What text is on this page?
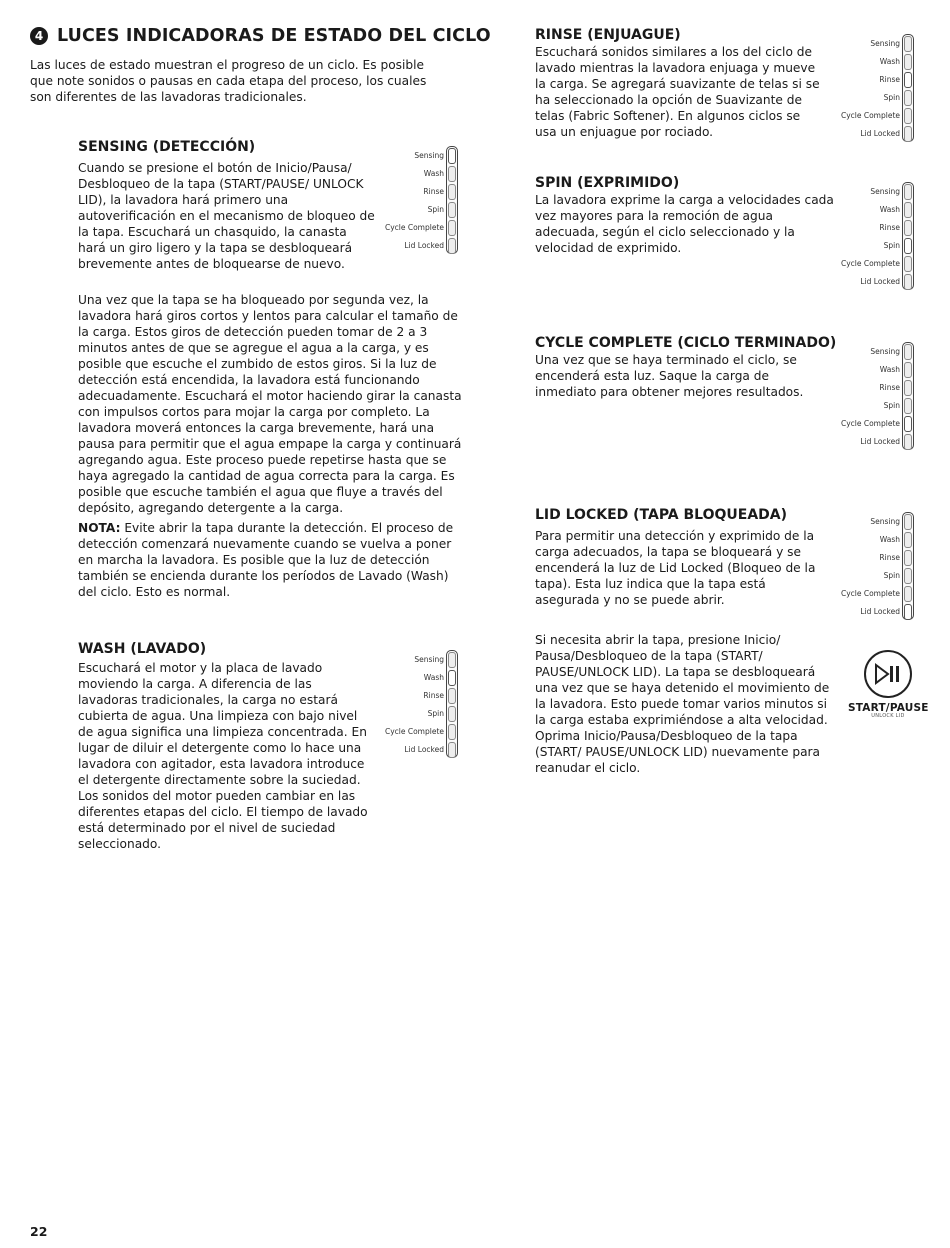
4 LUCES INDICADORAS DE ESTADO DEL CICLO

Las luces de estado muestran el progreso de un ciclo. Es posible que note sonidos o pausas en cada etapa del proceso, los cuales son diferentes de las lavadoras tradicionales.

SENSING (DETECCIÓN)

Cuando se presione el botón de Inicio/Pausa/ Desbloqueo de la tapa (START/PAUSE/ UNLOCK LID), la lavadora hará primero una autoverificación en el mecanismo de bloqueo de la tapa. Escuchará un chasquido, la canasta hará un giro ligero y la tapa se desbloqueará brevemente antes de bloquearse de nuevo.

Una vez que la tapa se ha bloqueado por segunda vez, la lavadora hará giros cortos y lentos para calcular el tamaño de la carga. Estos giros de detección pueden tomar de 2 a 3 minutos antes de que se agregue el agua a la carga, y es posible que escuche el zumbido de estos giros. Si la luz de detección está encendida, la lavadora está funcionando adecuadamente. Escuchará el motor haciendo girar la canasta con impulsos cortos para mojar la carga por completo. La lavadora moverá entonces la carga brevemente, hará una pausa para permitir que el agua empape la carga y continuará agregando agua. Este proceso puede repetirse hasta que se haya agregado la cantidad de agua correcta para la carga. Es posible que escuche también el agua que fluye a través del depósito, agregando detergente a la carga.

NOTA: Evite abrir la tapa durante la detección. El proceso de detección comenzará nuevamente cuando se vuelva a poner en marcha la lavadora. Es posible que la luz de detección también se encienda durante los períodos de Lavado (Wash) del ciclo. Esto es normal.

Sensing
Wash
Rinse
Spin
Cycle Complete
Lid Locked
WASH (LAVADO)

Escuchará el motor y la placa de lavado moviendo la carga. A diferencia de las lavadoras tradicionales, la carga no estará cubierta de agua. Una limpieza con bajo nivel de agua significa una limpieza concentrada. En lugar de diluir el detergente como lo hace una lavadora con agitador, esta lavadora introduce el detergente directamente sobre la suciedad. Los sonidos del motor pueden cambiar en las diferentes etapas del ciclo. El tiempo de lavado está determinado por el nivel de suciedad seleccionado.

Sensing
Wash
Rinse
Spin
Cycle Complete
Lid Locked
RINSE (ENJUAGUE)

Escuchará sonidos similares a los del ciclo de lavado mientras la lavadora enjuaga y mueve la carga. Se agregará suavizante de telas si se ha seleccionado la opción de Suavizante de telas (Fabric Softener). En algunos ciclos se usa un enjuague por rociado.

Sensing
Wash
Rinse
Spin
Cycle Complete
Lid Locked
SPIN (EXPRIMIDO)

La lavadora exprime la carga a velocidades cada vez mayores para la remoción de agua adecuada, según el ciclo seleccionado y la velocidad de exprimido.

Sensing
Wash
Rinse
Spin
Cycle Complete
Lid Locked
CYCLE COMPLETE (CICLO TERMINADO)

Una vez que se haya terminado el ciclo, se encenderá esta luz. Saque la carga de inmediato para obtener mejores resultados.

Sensing
Wash
Rinse
Spin
Cycle Complete
Lid Locked
LID LOCKED (TAPA BLOQUEADA)

Para permitir una detección y exprimido de la carga adecuados, la tapa se bloqueará y se encenderá la luz de Lid Locked (Bloqueo de la tapa). Esta luz indica que la tapa está asegurada y no se puede abrir.

Sensing
Wash
Rinse
Spin
Cycle Complete
Lid Locked

Si necesita abrir la tapa, presione Inicio/ Pausa/Desbloqueo de la tapa (START/ PAUSE/UNLOCK LID). La tapa se desbloqueará una vez que se haya detenido el movimiento de la lavadora. Esto puede tomar varios minutos si la carga estaba exprimiéndose a alta velocidad. Oprima Inicio/Pausa/Desbloqueo de la tapa (START/ PAUSE/UNLOCK LID) nuevamente para reanudar el ciclo.

START/PAUSE
UNLOCK LID
22
